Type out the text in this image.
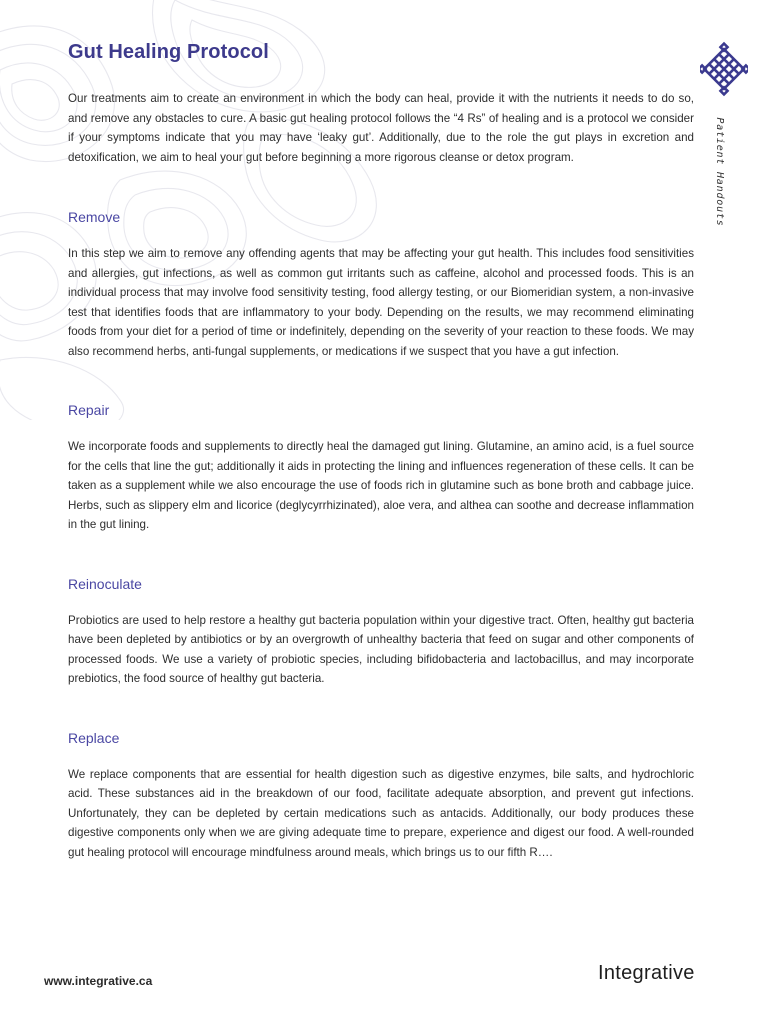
Gut Healing Protocol
Patient Handouts

Our treatments aim to create an environment in which the body can heal, provide it with the nutrients it needs to do so, and remove any obstacles to cure. A basic gut healing protocol follows the “4 Rs” of healing and is a protocol we consider if your symptoms indicate that you may have ‘leaky gut’. Additionally, due to the role the gut plays in excretion and detoxification, we aim to heal your gut before beginning a more rigorous cleanse or detox program.

Remove

In this step we aim to remove any offending agents that may be affecting your gut health. This includes food sensitivities and allergies, gut infections, as well as common gut irritants such as caffeine, alcohol and processed foods. This is an individual process that may involve food sensitivity testing, food allergy testing, or our Biomeridian system, a non-invasive test that identifies foods that are inflammatory to your body. Depending on the results, we may recommend eliminating foods from your diet for a period of time or indefinitely, depending on the severity of your reaction to these foods. We may also recommend herbs, anti-fungal supplements, or medications if we suspect that you have a gut infection.

Repair

We incorporate foods and supplements to directly heal the damaged gut lining. Glutamine, an amino acid, is a fuel source for the cells that line the gut; additionally it aids in protecting the lining and influences regeneration of these cells. It can be taken as a supplement while we also encourage the use of foods rich in glutamine such as bone broth and cabbage juice. Herbs, such as slippery elm and licorice (deglycyrrhizinated), aloe vera, and althea can soothe and decrease inflammation in the gut lining.

Reinoculate

Probiotics are used to help restore a healthy gut bacteria population within your digestive tract. Often, healthy gut bacteria have been depleted by antibiotics or by an overgrowth of unhealthy bacteria that feed on sugar and other components of processed foods. We use a variety of probiotic species, including bifidobacteria and lactobacillus, and may incorporate prebiotics, the food source of healthy gut bacteria.

Replace

We replace components that are essential for health digestion such as digestive enzymes, bile salts, and hydrochloric acid. These substances aid in the breakdown of our food, facilitate adequate absorption, and prevent gut infections. Unfortunately, they can be depleted by certain medications such as antacids. Additionally, our body produces these digestive components only when we are giving adequate time to prepare, experience and digest our food. A well-rounded gut healing protocol will encourage mindfulness around meals, which brings us to our fifth R….

www.integrative.ca	Integrative
